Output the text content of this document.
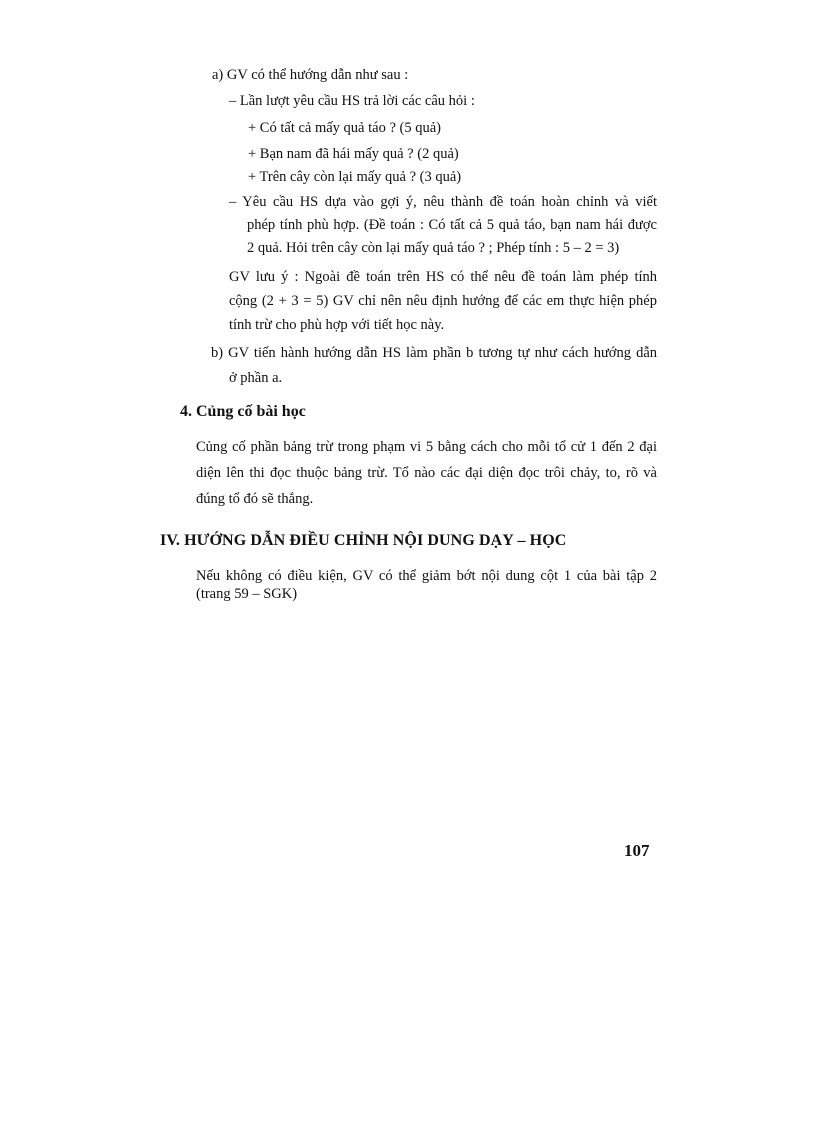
a) GV có thể hướng dẫn như sau :
– Lần lượt yêu cầu HS trả lời các câu hỏi :
+ Có tất cả mấy quả táo ? (5 quả)
+ Bạn nam đã hái mấy quả ? (2 quả)
+ Trên cây còn lại mấy quả ? (3 quả)
– Yêu cầu HS dựa vào gợi ý, nêu thành đề toán hoàn chỉnh và viết
phép tính phù hợp. (Đề toán : Có tất cả 5 quả táo, bạn nam hái được
2 quả. Hỏi trên cây còn lại mấy quả táo ? ; Phép tính : 5 – 2 = 3)
GV lưu ý : Ngoài đề toán trên HS có thể nêu đề toán làm phép tính
cộng (2 + 3 = 5) GV chỉ nên nêu định hướng để các em thực hiện phép
tính trừ cho phù hợp với tiết học này.
b) GV tiến hành hướng dẫn HS làm phần b tương tự như cách hướng dẫn
ở phần a.
4. Củng cố bài học
Củng cố phần bảng trừ trong phạm vi 5 bằng cách cho mỗi tổ cử 1 đến 2 đại
diện lên thi đọc thuộc bảng trừ. Tổ nào các đại diện đọc trôi chảy, to, rõ và
đúng tổ đó sẽ thắng.
IV. HƯỚNG DẪN ĐIỀU CHỈNH NỘI DUNG DẠY – HỌC
Nếu không có điều kiện, GV có thể giảm bớt nội dung cột 1 của bài tập 2
(trang 59 – SGK)
107
